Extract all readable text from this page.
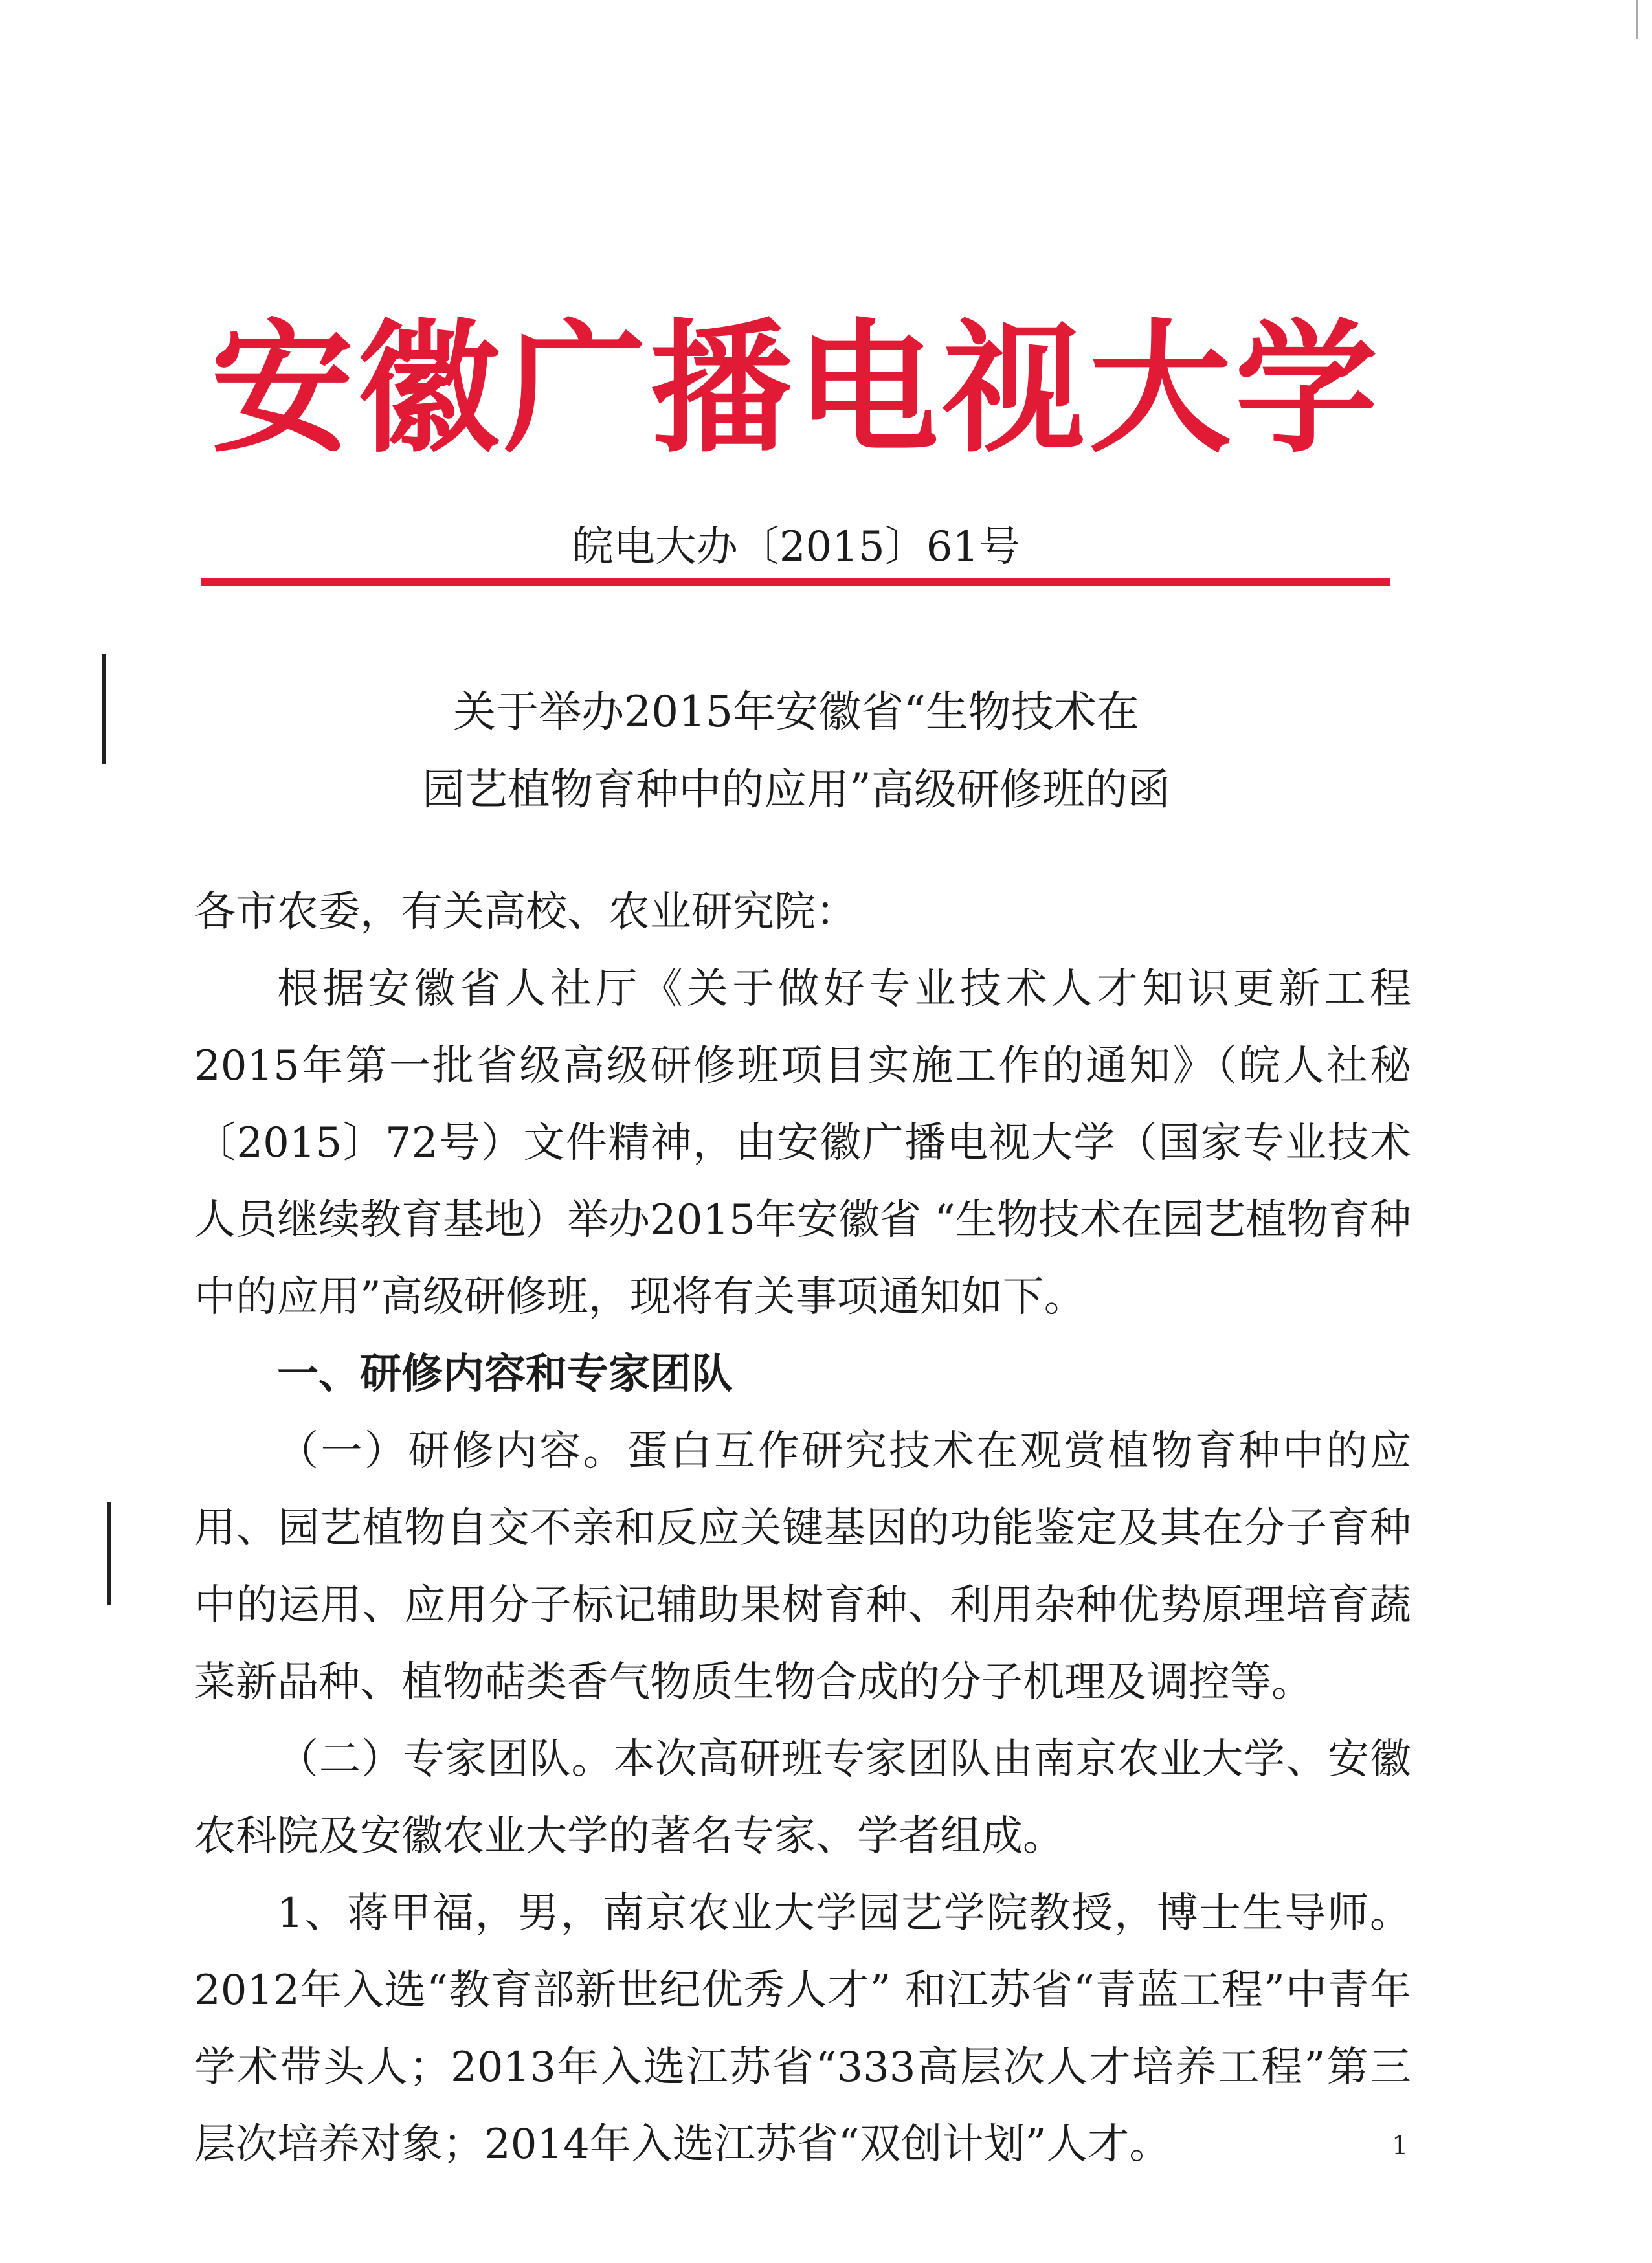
安徽广播电视大学
皖电大办〔2015〕61号
关于举办2015年安徽省“生物技术在
园艺植物育种中的应用”高级研修班的函

各市农委，有关高校、农业研究院：

根据安徽省人社厅《关于做好专业技术人才知识更新工程2015年第一批省级高级研修班项目实施工作的通知》（皖人社秘〔2015〕72号）文件精神，由安徽广播电视大学（国家专业技术人员继续教育基地）举办2015年安徽省 “生物技术在园艺植物育种中的应用”高级研修班，现将有关事项通知如下。

一、研修内容和专家团队

（一）研修内容。蛋白互作研究技术在观赏植物育种中的应用、园艺植物自交不亲和反应关键基因的功能鉴定及其在分子育种中的运用、应用分子标记辅助果树育种、利用杂种优势原理培育蔬菜新品种、植物萜类香气物质生物合成的分子机理及调控等。

（二）专家团队。本次高研班专家团队由南京农业大学、安徽农科院及安徽农业大学的著名专家、学者组成。

1、蒋甲福，男，南京农业大学园艺学院教授，博士生导师。2012年入选“教育部新世纪优秀人才” 和江苏省“青蓝工程”中青年学术带头人；2013年入选江苏省“333高层次人才培养工程”第三层次培养对象；2014年入选江苏省“双创计划”人才。	1
